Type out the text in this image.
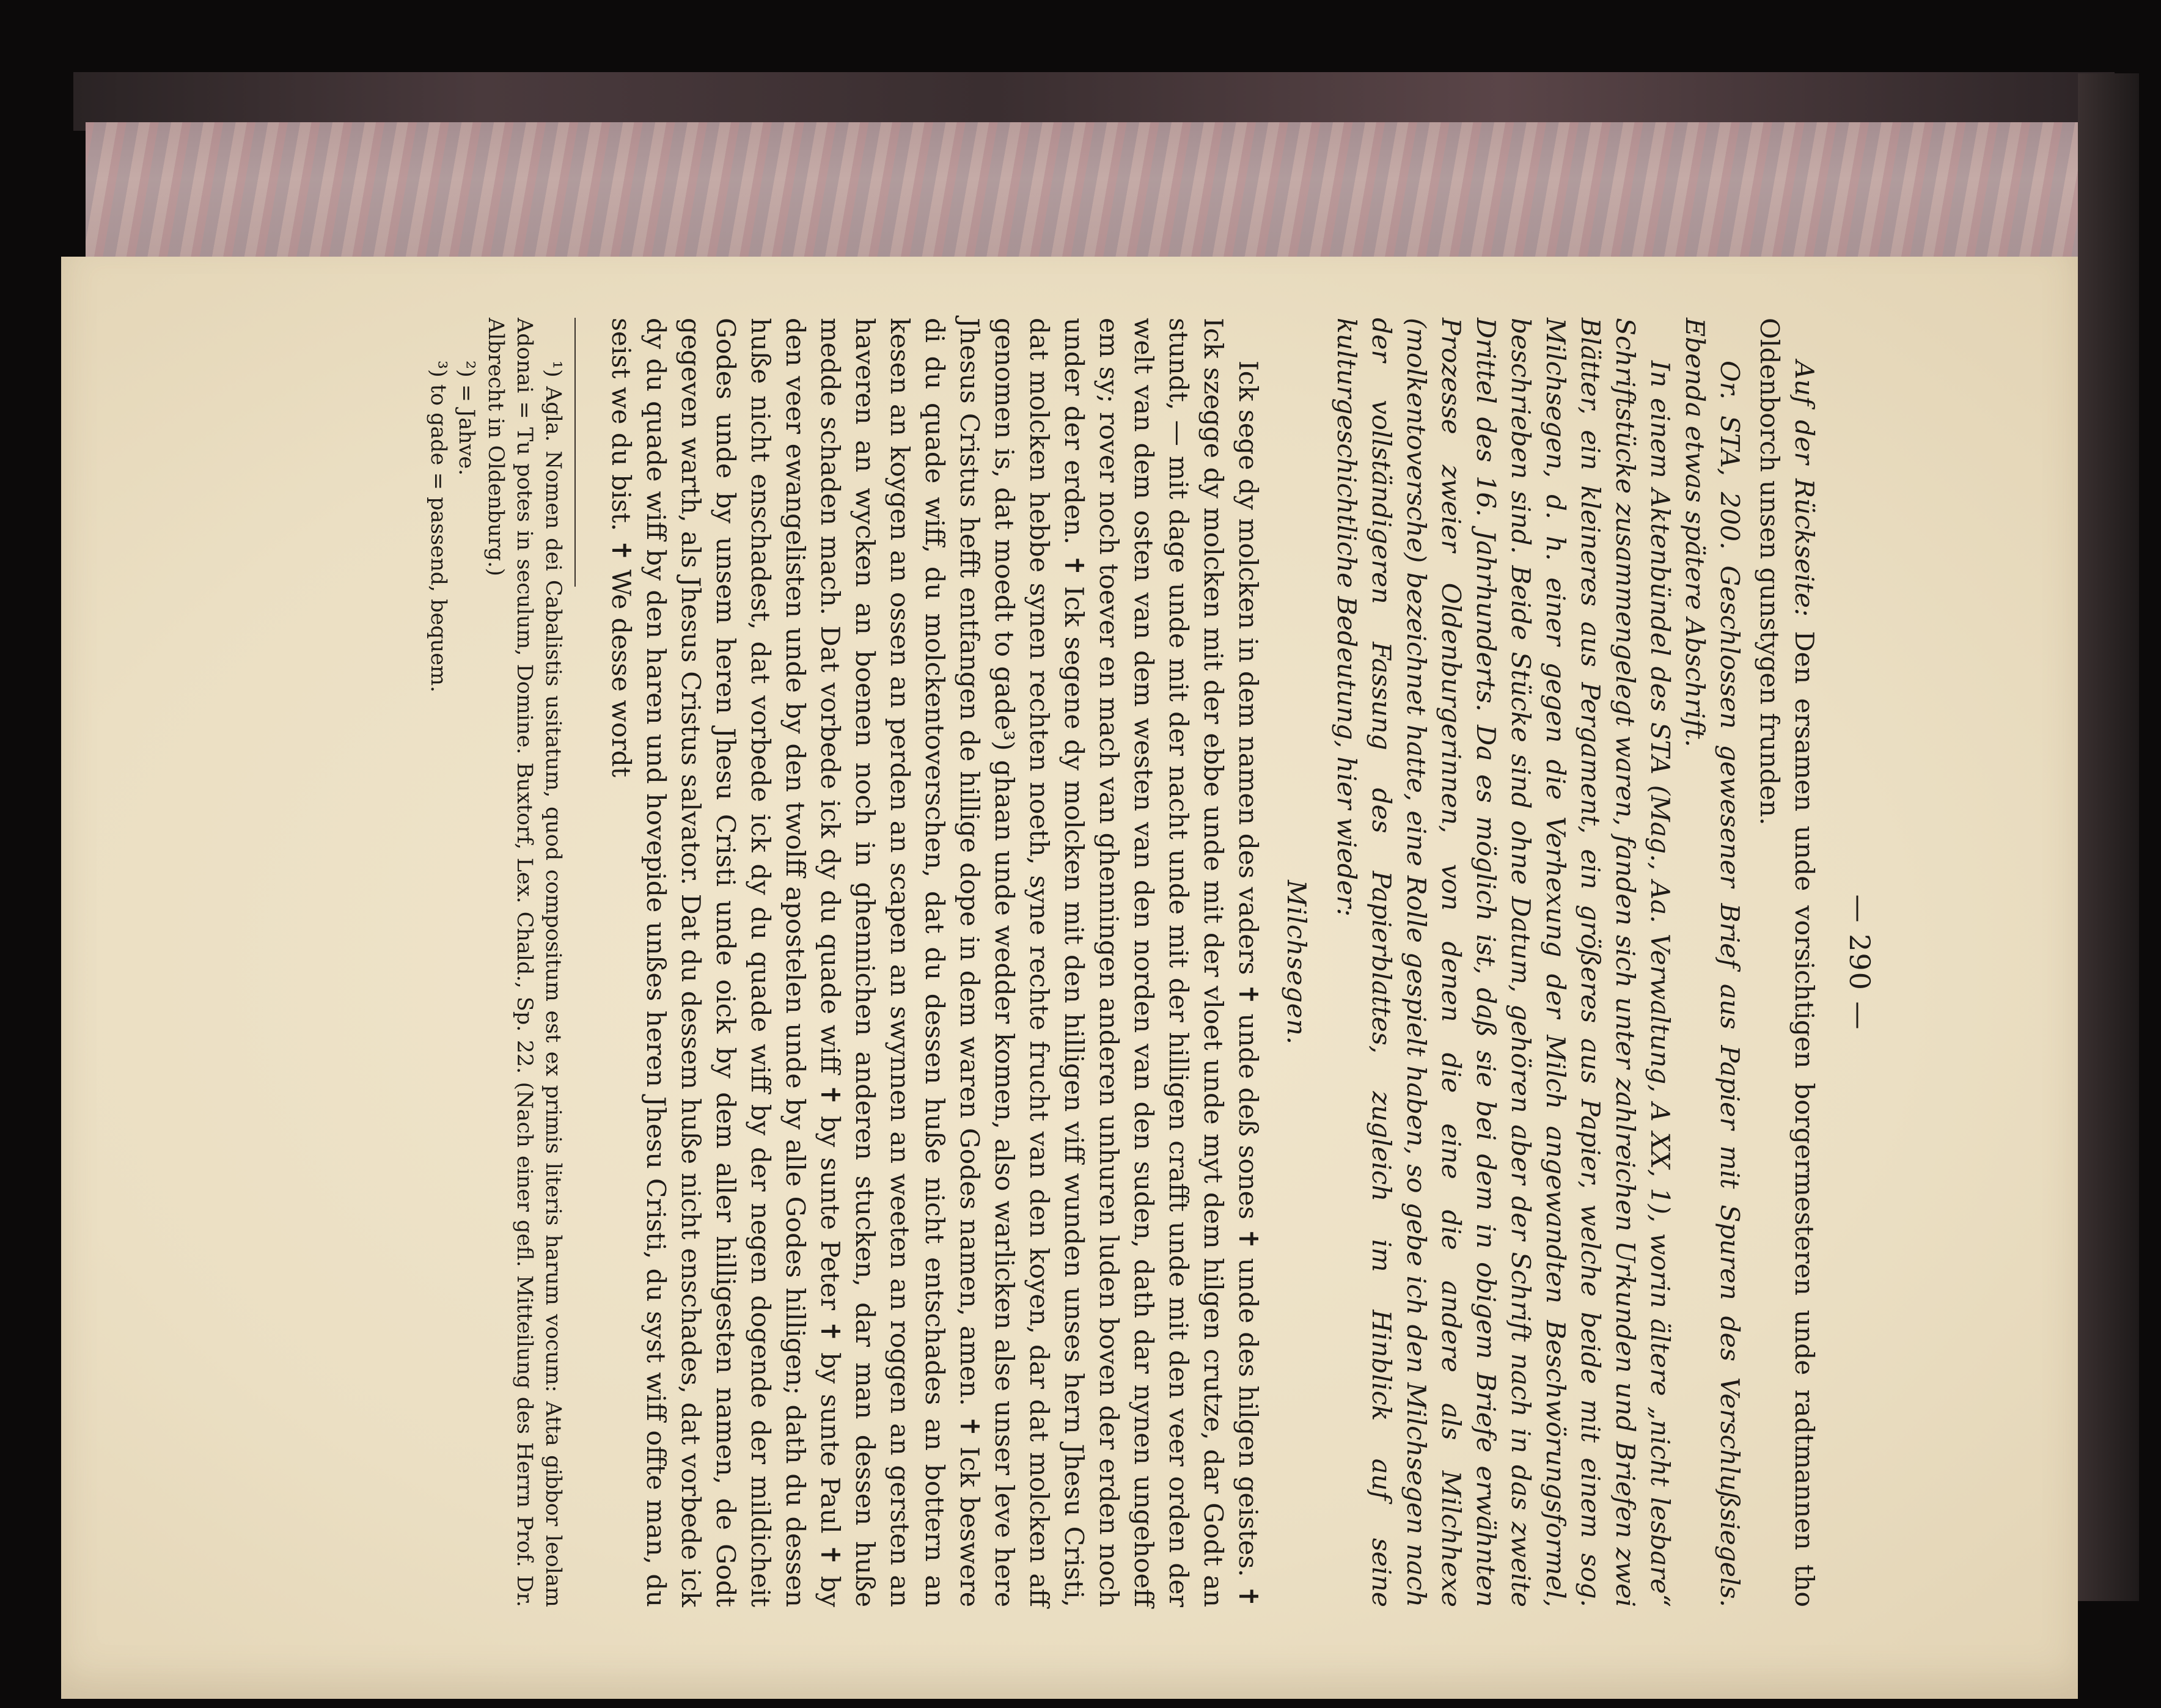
— 290 —

Auf der Rückseite: Den ersamen unde vorsichtigen borgermesteren unde radtmannen tho Oldenborch unsen gunstygen frunden.

Or. STA, 200. Geschlossen gewesener Brief aus Papier mit Spuren des Verschlußsiegels. Ebenda etwas spätere Abschrift.

In einem Aktenbündel des STA (Mag., Aa. Verwaltung, A XX, 1), worin ältere „nicht lesbare“ Schriftstücke zusammengelegt waren, fanden sich unter zahlreichen Urkunden und Briefen zwei Blätter, ein kleineres aus Pergament, ein größeres aus Papier, welche beide mit einem sog. Milchsegen, d. h. einer gegen die Verhexung der Milch angewandten Beschwörungsformel, beschrieben sind. Beide Stücke sind ohne Datum, gehören aber der Schrift nach in das zweite Drittel des 16. Jahrhunderts. Da es möglich ist, daß sie bei dem in obigem Briefe erwähnten Prozesse zweier Oldenburgerinnen, von denen die eine die andere als Milchhexe (molkentoversche) bezeichnet hatte, eine Rolle gespielt haben, so gebe ich den Milchsegen nach der vollständigeren Fassung des Papierblattes, zugleich im Hinblick auf seine kulturgeschichtliche Bedeutung, hier wieder:

Milchsegen.

Ick sege dy molcken in dem namen des vaders ✝ unde deß sones ✝ unde des hilgen geistes. ✝ Ick szegge dy molcken mit der ebbe unde mit der vloet unde myt dem hilgen crutze, dar Godt an stundt, — mit dage unde mit der nacht unde mit der hilligen crafft unde mit den veer orden der welt van dem osten van dem westen van den norden van den suden, dath dar nynen ungehoeff em sy; rover noch toever en mach van ghenningen anderen unhuren luden boven der erden noch under der erden. ✝ Ick segene dy molcken mit den hilligen viff wunden unses hern Jhesu Cristi, dat molcken hebbe synen rechten noeth, syne rechte frucht van den koyen, dar dat molcken aff genomen is, dat moedt to gade³) ghaan unde wedder komen, also warlicken alse unser leve here Jhesus Cristus hefft entfangen de hillige dope in dem waren Godes namen, amen. ✝ Ick beswere di du quade wiff, du molckentoverschen, dat du dessen huße nicht entschades an bottern an kesen an koygen an ossen an perden an scapen an swynnen an weeten an roggen an gersten an haveren an wycken an boenen noch in ghennichen anderen stucken, dar man dessen huße medde schaden mach. Dat vorbede ick dy du quade wiff ✝ by sunte Peter ✝ by sunte Paul ✝ by den veer ewangelisten unde by den twolff apostelen unde by alle Godes hilligen; dath du dessen huße nicht enschadest, dat vorbede ick dy du quade wiff by der negen dogende der mildicheit Godes unde by unsem heren Jhesu Cristi unde oick by dem aller hilligesten namen, de Godt gegeven warth, als Jhesus Cristus salvator. Dat du dessem huße nicht enschades, dat vorbede ick dy du quade wiff by den haren und hovepide unßes heren Jhesu Cristi, du syst wiff offte man, du seist we du bist. ✝ We desse wordt

¹) Agla. Nomen dei Cabalistis usitatum, quod compositum est ex primis literis harum vocum: Atta gibbor leolam Adonai = Tu potes in seculum, Domine. Buxtorf, Lex. Chald., Sp. 22. (Nach einer gefl. Mitteilung des Herrn Prof. Dr. Albrecht in Oldenburg.)

²) = Jahve.

³) to gade = passend, bequem.
